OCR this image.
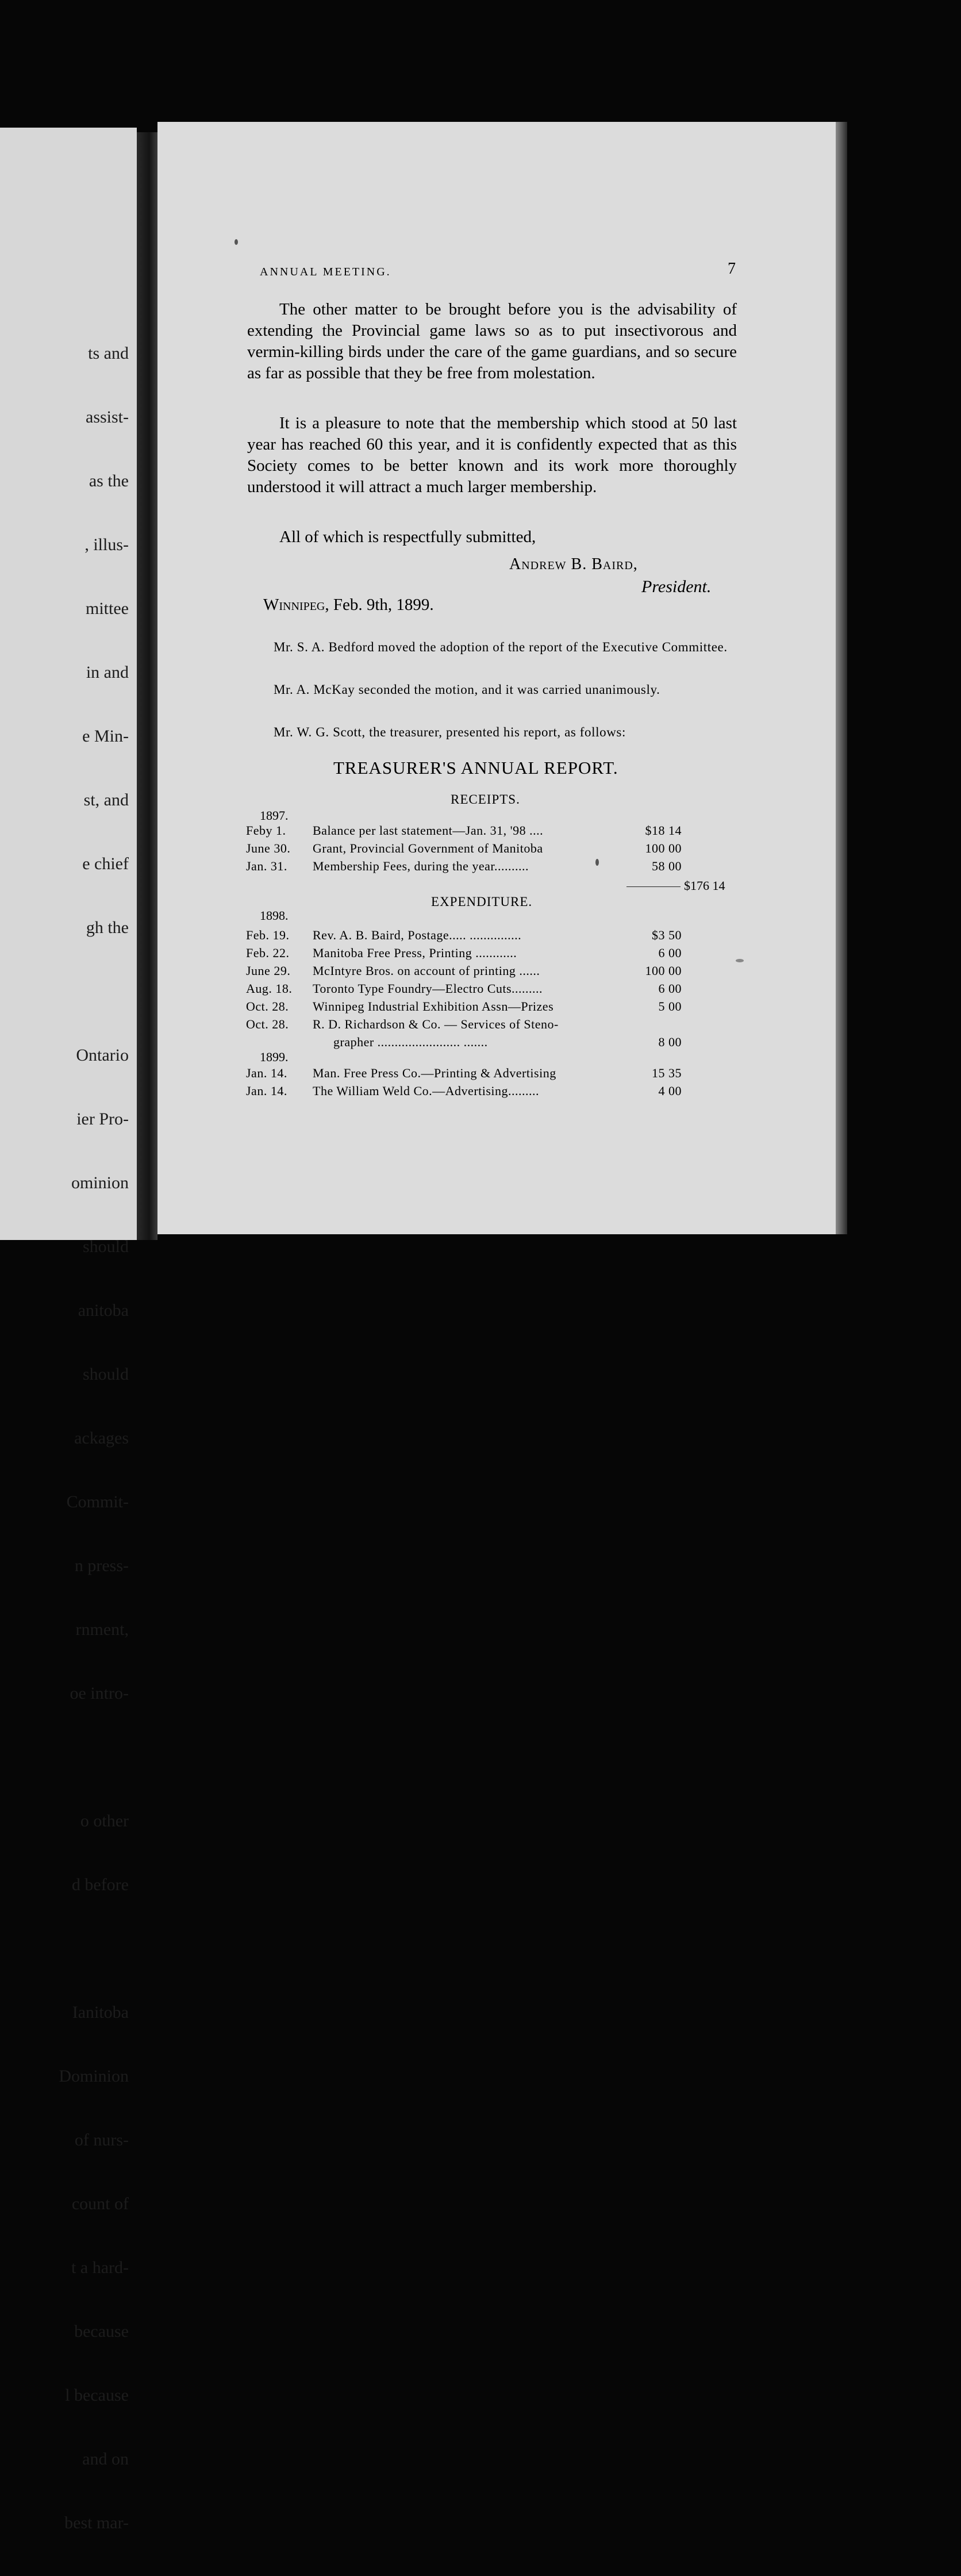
ts and

assist-

as the

, illus-

mittee

in and

e Min-

st, and

e chief

gh the

Ontario

ier Pro-

ominion

should

anitoba

should

ackages

Commit-

n press-

rnment,

oe intro-

o other

d before

Ianitoba

Dominion

of nurs-

count of

t a hard-

because

l because

and on

best mar-

ANNUAL MEETING.	7

The other matter to be brought before you is the advisability of extending the Provincial game laws so as to put insectivorous and vermin-killing birds under the care of the game guardians, and so secure as far as possible that they be free from molestation.

It is a pleasure to note that the membership which stood at 50 last year has reached 60 this year, and it is confidently expected that as this Society comes to be better known and its work more thoroughly understood it will attract a much larger membership.

All of which is respectfully submitted,

Andrew B. Baird,
President.
Winnipeg, Feb. 9th, 1899.

Mr. S. A. Bedford moved the adoption of the report of the Executive Committee.

Mr. A. McKay seconded the motion, and it was carried unanimously.

Mr. W. G. Scott, the treasurer, presented his report, as follows:

TREASURER'S ANNUAL REPORT.
RECEIPTS.
1897.
Feby 1.	Balance per last statement—Jan. 31, '98 ....	$18 14
June 30.	Grant, Provincial Government of Manitoba	100 00
Jan. 31.	Membership Fees, during the year..........	58 00
$176 14
EXPENDITURE.
1898.
Feb. 19.	Rev. A. B. Baird, Postage..... ...............	$3 50
Feb. 22.	Manitoba Free Press, Printing ............	6 00
June 29.	McIntyre Bros. on account of printing ......	100 00
Aug. 18.	Toronto Type Foundry—Electro Cuts.........	6 00
Oct. 28.	Winnipeg Industrial Exhibition Assn—Prizes	5 00
Oct. 28.	R. D. Richardson & Co. — Services of Steno-
grapher ........................ .......	8 00
1899.
Jan. 14.	Man. Free Press Co.—Printing & Advertising	15 35
Jan. 14.	The William Weld Co.—Advertising.........	4 00
